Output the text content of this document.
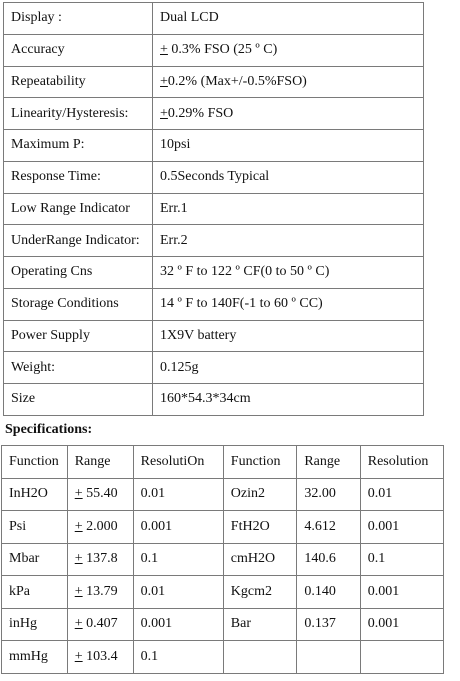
Display :	Dual LCD
Accuracy	+ 0.3% FSO (25 º C)
Repeatability	+0.2% (Max+/-0.5%FSO)
Linearity/Hysteresis:	+0.29% FSO
Maximum P:	10psi
Response Time:	0.5Seconds Typical
Low Range Indicator	Err.1
UnderRange Indicator:	Err.2
Operating Cns	32 º F to 122 º CF(0 to 50 º C)
Storage Conditions	14 º F to 140F(-1 to 60 º CC)
Power Supply	1X9V battery
Weight:	0.125g
Size	160*54.3*34cm
Specifications:
Function	Range	ResolutiOn	Function	Range	Resolution
InH2O	+ 55.40	0.01	Ozin2	32.00	0.01
Psi	+ 2.000	0.001	FtH2O	4.612	0.001
Mbar	+ 137.8	0.1	cmH2O	140.6	0.1
kPa	+ 13.79	0.01	Kgcm2	0.140	0.001
inHg	+ 0.407	0.001	Bar	0.137	0.001
mmHg	+ 103.4	0.1			
